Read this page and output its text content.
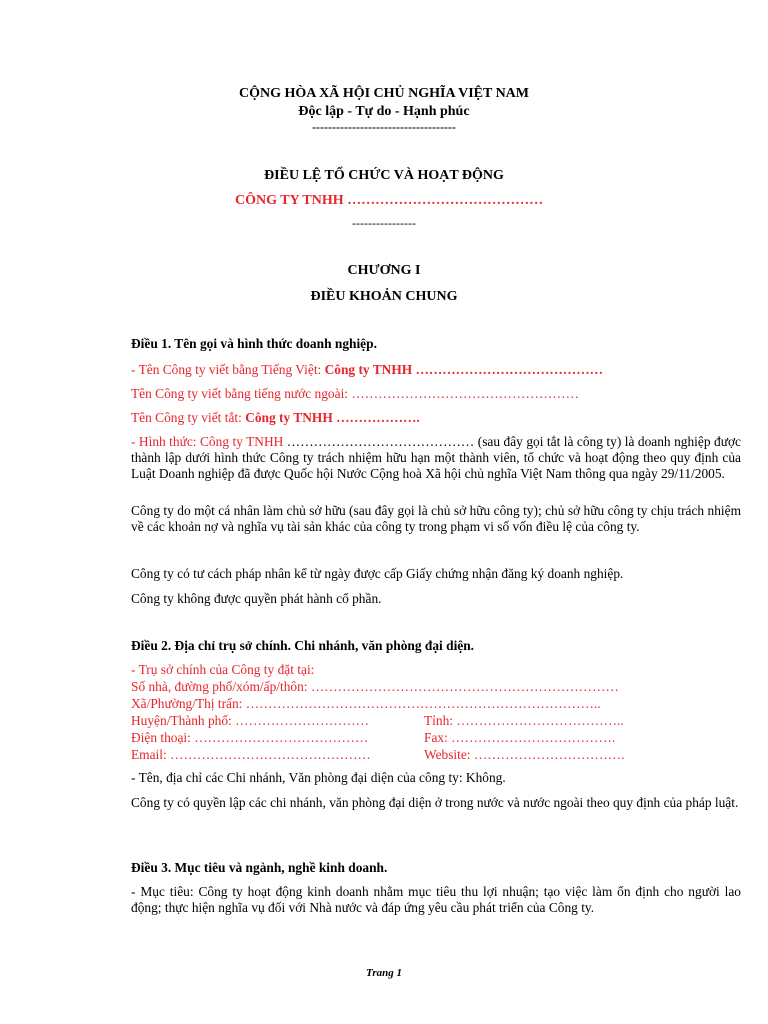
CỘNG HÒA XÃ HỘI CHỦ NGHĨA VIỆT NAM
Độc lập - Tự do - Hạnh phúc
------------------------------------
ĐIỀU LỆ TỔ CHỨC VÀ HOẠT ĐỘNG
CÔNG TY TNHH ……………………………………
----------------
CHƯƠNG I
ĐIỀU KHOẢN CHUNG
Điều 1. Tên gọi và hình thức doanh nghiệp.
- Tên Công ty viết bằng Tiếng Việt: Công ty TNHH ……………………………………
Tên Công ty viết bằng tiếng nước ngoài: ……………………………………………
Tên Công ty viết tắt: Công ty TNHH ……………….
- Hình thức: Công ty TNHH …………………………………… (sau đây gọi tắt là công ty) là doanh nghiệp được thành lập dưới hình thức Công ty trách nhiệm hữu hạn một thành viên, tổ chức và hoạt động theo quy định của Luật Doanh nghiệp đã được Quốc hội Nước Cộng hoà Xã hội chủ nghĩa Việt Nam thông qua ngày 29/11/2005.
Công ty do một cá nhân làm chủ sở hữu (sau đây gọi là chủ sở hữu công ty); chủ sở hữu công ty chịu trách nhiệm về các khoản nợ và nghĩa vụ tài sản khác của công ty trong phạm vi số vốn điều lệ của công ty.
Công ty có tư cách pháp nhân kể từ ngày được cấp Giấy chứng nhận đăng ký doanh nghiệp.
Công ty không được quyền phát hành cổ phần.
Điều 2. Địa chỉ trụ sở chính. Chi nhánh, văn phòng đại diện.
- Trụ sở chính của Công ty đặt tại:
Số nhà, đường phố/xóm/ấp/thôn: ……………………………………………………………
Xã/Phường/Thị trấn: ……………………………………………………………………..
Huyện/Thành phố: …………………………	Tỉnh: ………………………………..
Điện thoại: …………………………………	Fax: ……………………………….
Email: ………………………………………	Website: …………………………….
- Tên, địa chỉ các Chi nhánh, Văn phòng đại diện của công ty: Không.
Công ty có quyền lập các chi nhánh, văn phòng đại diện ở trong nước và nước ngoài theo quy định của pháp luật.
Điều 3. Mục tiêu và ngành, nghề kinh doanh.
- Mục tiêu: Công ty hoạt động kinh doanh nhằm mục tiêu thu lợi nhuận; tạo việc làm ổn định cho người lao động; thực hiện nghĩa vụ đối với Nhà nước và đáp ứng yêu cầu phát triển của Công ty.
Trang 1
